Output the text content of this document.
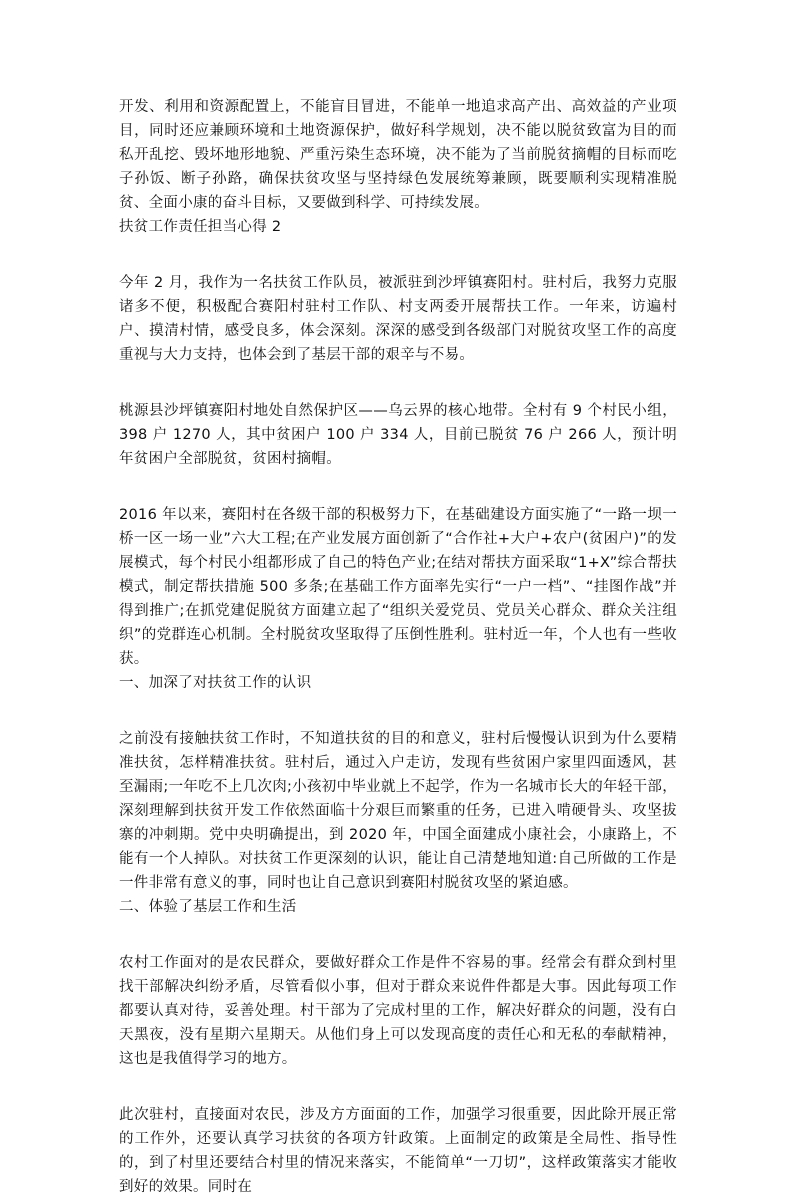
开发、利用和资源配置上，不能盲目冒进，不能单一地追求高产出、高效益的产业项目，同时还应兼顾环境和土地资源保护，做好科学规划，决不能以脱贫致富为目的而私开乱挖、毁坏地形地貌、严重污染生态环境，决不能为了当前脱贫摘帽的目标而吃子孙饭、断子孙路，确保扶贫攻坚与坚持绿色发展统筹兼顾，既要顺利实现精准脱贫、全面小康的奋斗目标，又要做到科学、可持续发展。

扶贫工作责任担当心得 2

今年 2 月，我作为一名扶贫工作队员，被派驻到沙坪镇赛阳村。驻村后，我努力克服诸多不便，积极配合赛阳村驻村工作队、村支两委开展帮扶工作。一年来，访遍村户、摸清村情，感受良多，体会深刻。深深的感受到各级部门对脱贫攻坚工作的高度重视与大力支持，也体会到了基层干部的艰辛与不易。

桃源县沙坪镇赛阳村地处自然保护区——乌云界的核心地带。全村有 9 个村民小组，398 户 1270 人，其中贫困户 100 户 334 人，目前已脱贫 76 户 266 人，预计明年贫困户全部脱贫，贫困村摘帽。

2016 年以来，赛阳村在各级干部的积极努力下，在基础建设方面实施了“一路一坝一桥一区一场一业”六大工程;在产业发展方面创新了“合作社+大户+农户(贫困户)”的发展模式，每个村民小组都形成了自己的特色产业;在结对帮扶方面采取“1+X”综合帮扶模式，制定帮扶措施 500 多条;在基础工作方面率先实行“一户一档”、“挂图作战”并得到推广;在抓党建促脱贫方面建立起了“组织关爱党员、党员关心群众、群众关注组织”的党群连心机制。全村脱贫攻坚取得了压倒性胜利。驻村近一年，个人也有一些收获。

一、加深了对扶贫工作的认识

之前没有接触扶贫工作时，不知道扶贫的目的和意义，驻村后慢慢认识到为什么要精准扶贫，怎样精准扶贫。驻村后，通过入户走访，发现有些贫困户家里四面透风，甚至漏雨;一年吃不上几次肉;小孩初中毕业就上不起学，作为一名城市长大的年轻干部，深刻理解到扶贫开发工作依然面临十分艰巨而繁重的任务，已进入啃硬骨头、攻坚拔寨的冲刺期。党中央明确提出，到 2020 年，中国全面建成小康社会，小康路上，不能有一个人掉队。对扶贫工作更深刻的认识，能让自己清楚地知道:自己所做的工作是一件非常有意义的事，同时也让自己意识到赛阳村脱贫攻坚的紧迫感。

二、体验了基层工作和生活

农村工作面对的是农民群众，要做好群众工作是件不容易的事。经常会有群众到村里找干部解决纠纷矛盾，尽管看似小事，但对于群众来说件件都是大事。因此每项工作都要认真对待，妥善处理。村干部为了完成村里的工作，解决好群众的问题，没有白天黑夜，没有星期六星期天。从他们身上可以发现高度的责任心和无私的奉献精神，这也是我值得学习的地方。

此次驻村，直接面对农民，涉及方方面面的工作，加强学习很重要，因此除开展正常的工作外，还要认真学习扶贫的各项方针政策。上面制定的政策是全局性、指导性的，到了村里还要结合村里的情况来落实，不能简单“一刀切”，这样政策落实才能收到好的效果。同时在
